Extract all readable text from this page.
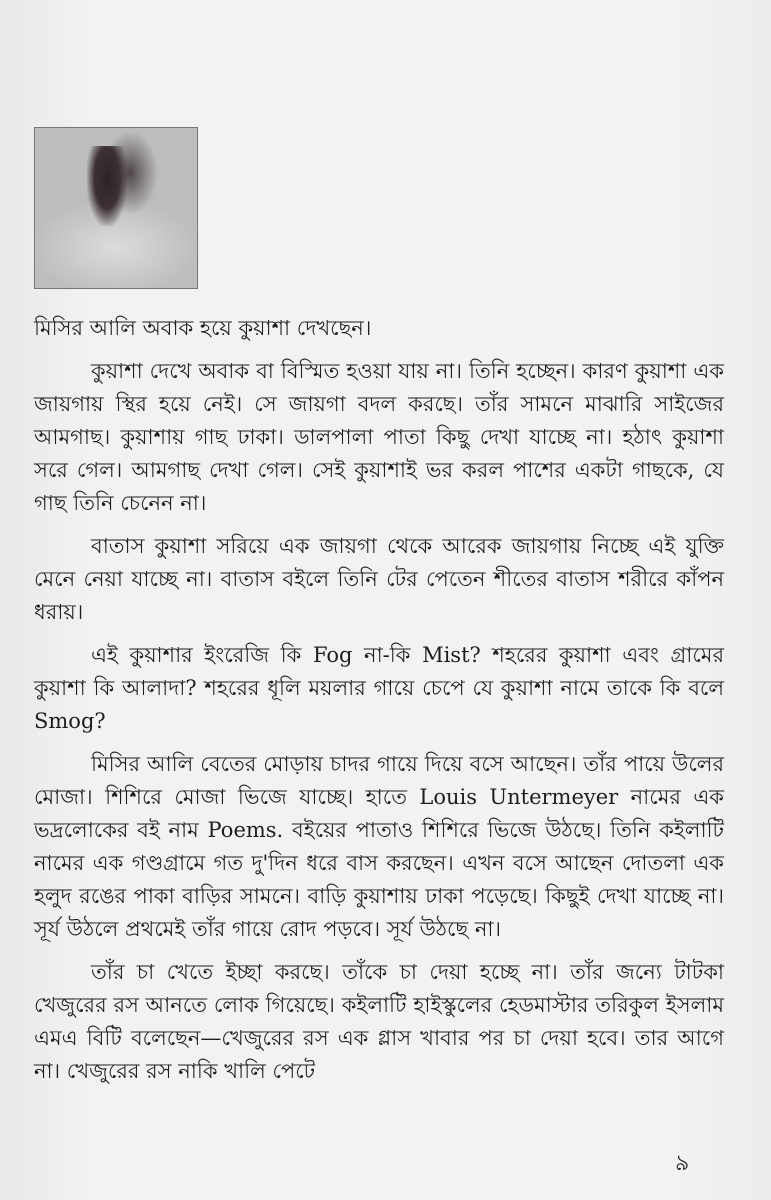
মিসির আলি অবাক হয়ে কুয়াশা দেখছেন।

কুয়াশা দেখে অবাক বা বিস্মিত হওয়া যায় না। তিনি হচ্ছেন। কারণ কুয়াশা এক জায়গায় স্থির হয়ে নেই। সে জায়গা বদল করছে। তাঁর সামনে মাঝারি সাইজের আমগাছ। কুয়াশায় গাছ ঢাকা। ডালপালা পাতা কিছু দেখা যাচ্ছে না। হঠাৎ কুয়াশা সরে গেল। আমগাছ দেখা গেল। সেই কুয়াশাই ভর করল পাশের একটা গাছকে, যে গাছ তিনি চেনেন না।

বাতাস কুয়াশা সরিয়ে এক জায়গা থেকে আরেক জায়গায় নিচ্ছে এই যুক্তি মেনে নেয়া যাচ্ছে না। বাতাস বইলে তিনি টের পেতেন শীতের বাতাস শরীরে কাঁপন ধরায়।

এই কুয়াশার ইংরেজি কি Fog না-কি Mist? শহরের কুয়াশা এবং গ্রামের কুয়াশা কি আলাদা? শহরের ধূলি ময়লার গায়ে চেপে যে কুয়াশা নামে তাকে কি বলে Smog?

মিসির আলি বেতের মোড়ায় চাদর গায়ে দিয়ে বসে আছেন। তাঁর পায়ে উলের মোজা। শিশিরে মোজা ভিজে যাচ্ছে। হাতে Louis Untermeyer নামের এক ভদ্রলোকের বই নাম Poems. বইয়ের পাতাও শিশিরে ভিজে উঠছে। তিনি কইলাটি নামের এক গণ্ডগ্রামে গত দু'দিন ধরে বাস করছেন। এখন বসে আছেন দোতলা এক হলুদ রঙের পাকা বাড়ির সামনে। বাড়ি কুয়াশায় ঢাকা পড়েছে। কিছুই দেখা যাচ্ছে না। সূর্য উঠলে প্রথমেই তাঁর গায়ে রোদ পড়বে। সূর্য উঠছে না।

তাঁর চা খেতে ইচ্ছা করছে। তাঁকে চা দেয়া হচ্ছে না। তাঁর জন্যে টাটকা খেজুরের রস আনতে লোক গিয়েছে। কইলাটি হাইস্কুলের হেডমাস্টার তরিকুল ইসলাম এমএ বিটি বলেছেন—খেজুরের রস এক গ্লাস খাবার পর চা দেয়া হবে। তার আগে না। খেজুরের রস নাকি খালি পেটে

৯
